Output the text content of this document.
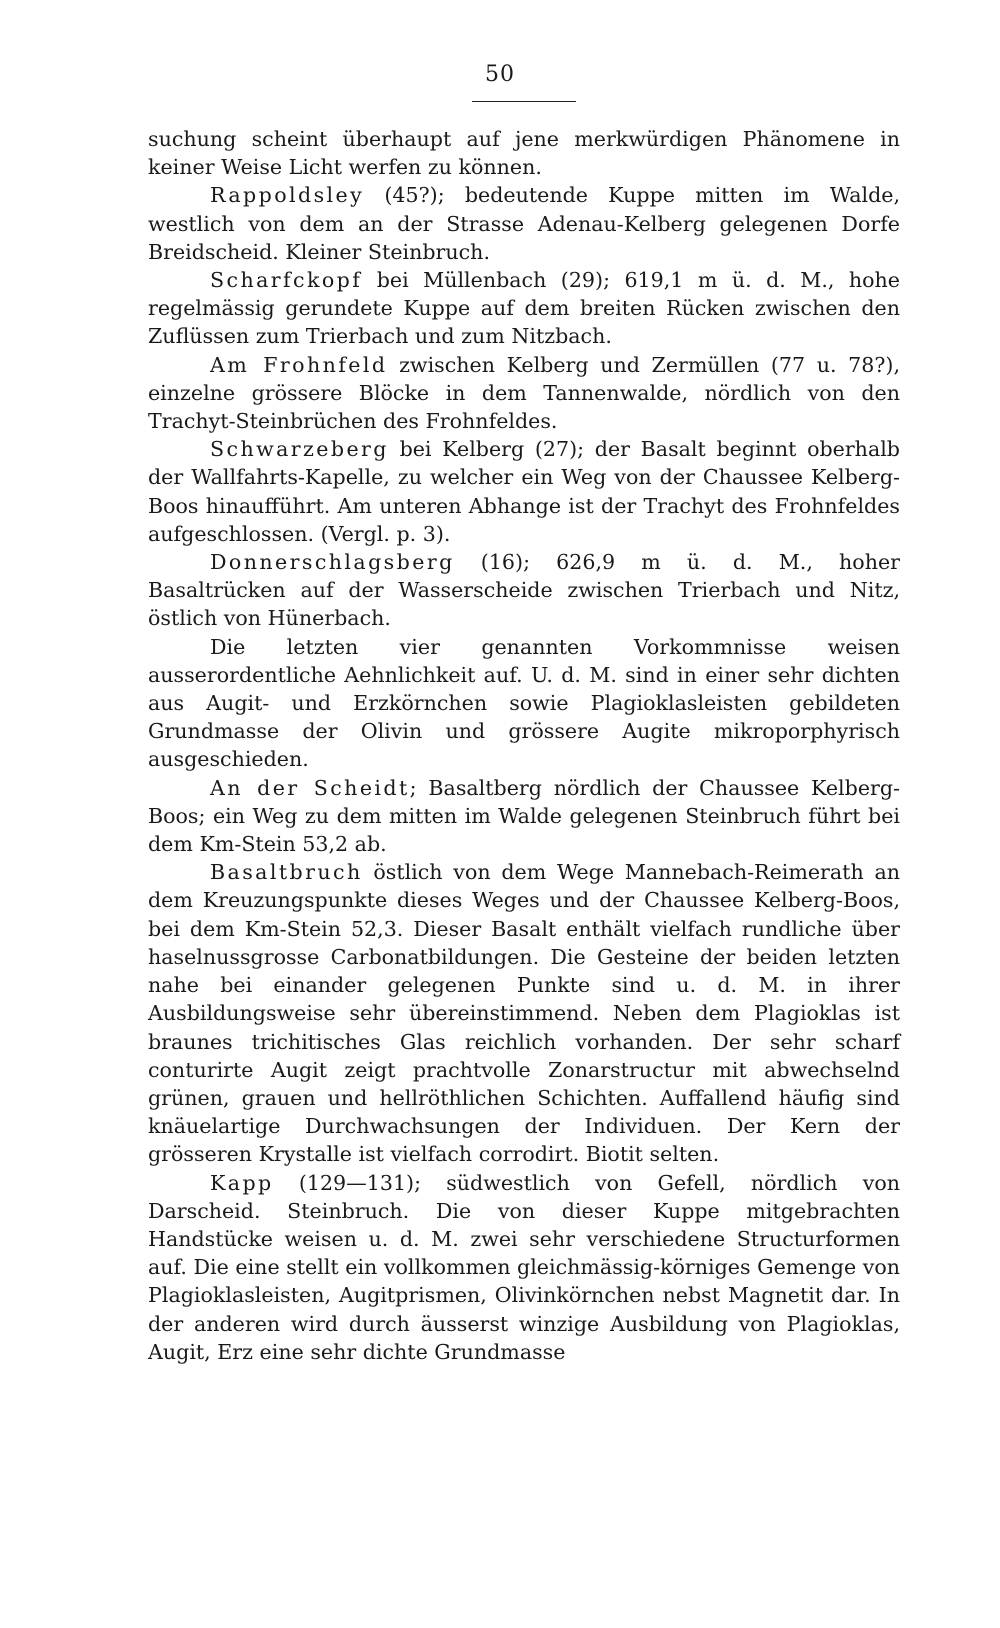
50

suchung scheint überhaupt auf jene merkwürdigen Phänomene in keiner Weise Licht werfen zu können.

Rappoldsley (45?); bedeutende Kuppe mitten im Walde, westlich von dem an der Strasse Adenau-Kelberg gelegenen Dorfe Breidscheid. Kleiner Steinbruch.

Scharfckopf bei Müllenbach (29); 619,1 m ü. d. M., hohe regelmässig gerundete Kuppe auf dem breiten Rücken zwischen den Zuflüssen zum Trierbach und zum Nitzbach.

Am Frohnfeld zwischen Kelberg und Zermüllen (77 u. 78?), einzelne grössere Blöcke in dem Tannenwalde, nördlich von den Trachyt-Steinbrüchen des Frohnfeldes.

Schwarzeberg bei Kelberg (27); der Basalt beginnt oberhalb der Wallfahrts-Kapelle, zu welcher ein Weg von der Chaussee Kelberg-Boos hinaufführt. Am unteren Abhange ist der Trachyt des Frohnfeldes aufgeschlossen. (Vergl. p. 3).

Donnerschlagsberg (16); 626,9 m ü. d. M., hoher Basaltrücken auf der Wasserscheide zwischen Trierbach und Nitz, östlich von Hünerbach.

Die letzten vier genannten Vorkommnisse weisen ausserordentliche Aehnlichkeit auf. U. d. M. sind in einer sehr dichten aus Augit- und Erzkörnchen sowie Plagioklasleisten gebildeten Grundmasse der Olivin und grössere Augite mikroporphyrisch ausgeschieden.

An der Scheidt; Basaltberg nördlich der Chaussee Kelberg-Boos; ein Weg zu dem mitten im Walde gelegenen Steinbruch führt bei dem Km-Stein 53,2 ab.

Basaltbruch östlich von dem Wege Mannebach-Reimerath an dem Kreuzungspunkte dieses Weges und der Chaussee Kelberg-Boos, bei dem Km-Stein 52,3. Dieser Basalt enthält vielfach rundliche über haselnussgrosse Carbonatbildungen. Die Gesteine der beiden letzten nahe bei einander gelegenen Punkte sind u. d. M. in ihrer Ausbildungsweise sehr übereinstimmend. Neben dem Plagioklas ist braunes trichitisches Glas reichlich vorhanden. Der sehr scharf conturirte Augit zeigt prachtvolle Zonarstructur mit abwechselnd grünen, grauen und hellröthlichen Schichten. Auffallend häufig sind knäuelartige Durchwachsungen der Individuen. Der Kern der grösseren Krystalle ist vielfach corrodirt. Biotit selten.

Kapp (129—131); südwestlich von Gefell, nördlich von Darscheid. Steinbruch. Die von dieser Kuppe mitgebrachten Handstücke weisen u. d. M. zwei sehr verschiedene Structurformen auf. Die eine stellt ein vollkommen gleichmässig-körniges Gemenge von Plagioklasleisten, Augitprismen, Olivinkörnchen nebst Magnetit dar. In der anderen wird durch äusserst winzige Ausbildung von Plagioklas, Augit, Erz eine sehr dichte Grundmasse
